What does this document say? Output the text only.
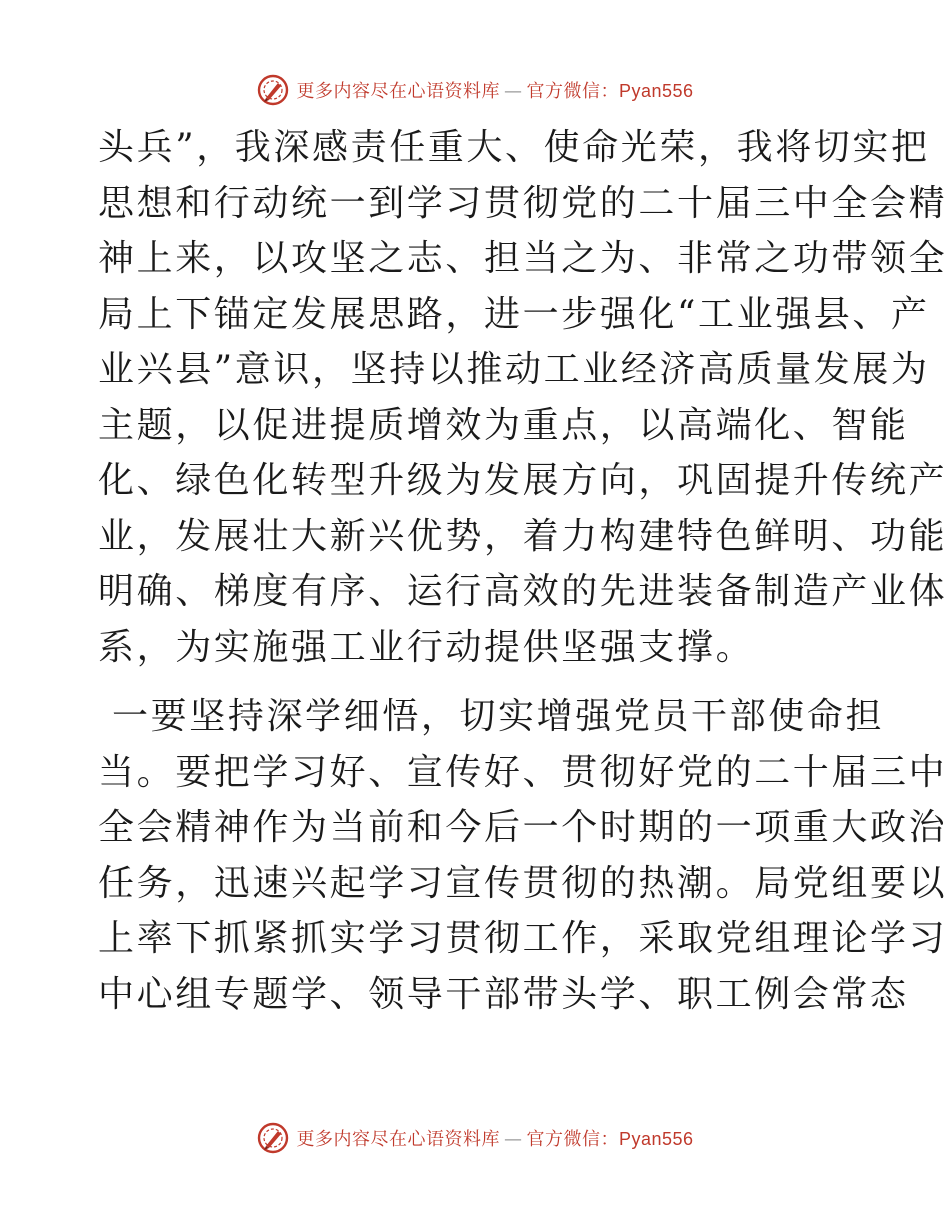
更多内容尽在心语资料库 — 官方微信：Pyan556
头兵”，我深感责任重大、使命光荣，我将切实把
思想和行动统一到学习贯彻党的二十届三中全会精
神上来，以攻坚之志、担当之为、非常之功带领全
局上下锚定发展思路，进一步强化“工业强县、产
业兴县”意识，坚持以推动工业经济高质量发展为
主题，以促进提质增效为重点，以高端化、智能
化、绿色化转型升级为发展方向，巩固提升传统产
业，发展壮大新兴优势，着力构建特色鲜明、功能
明确、梯度有序、运行高效的先进装备制造产业体
系，为实施强工业行动提供坚强支撑。
一要坚持深学细悟，切实增强党员干部使命担
当。要把学习好、宣传好、贯彻好党的二十届三中
全会精神作为当前和今后一个时期的一项重大政治
任务，迅速兴起学习宣传贯彻的热潮。局党组要以
上率下抓紧抓实学习贯彻工作，采取党组理论学习
中心组专题学、领导干部带头学、职工例会常态
更多内容尽在心语资料库 — 官方微信：Pyan556
